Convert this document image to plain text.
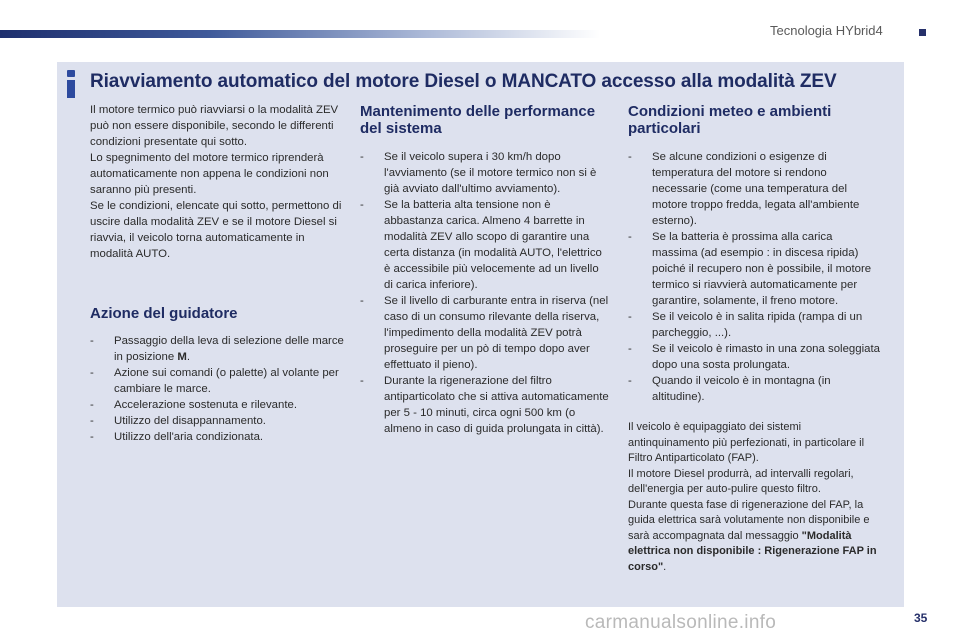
Tecnologia HYbrid4
Riavviamento automatico del motore Diesel o MANCATO accesso alla modalità ZEV

Il motore termico può riavviarsi o la modalità ZEV può non essere disponibile, secondo le differenti condizioni presentate qui sotto.

Lo spegnimento del motore termico riprenderà automaticamente non appena le condizioni non saranno più presenti.

Se le condizioni, elencate qui sotto, permettono di uscire dalla modalità ZEV e se il motore Diesel si riavvia, il veicolo torna automaticamente in modalità AUTO.

Azione del guidatore
- Passaggio della leva di selezione delle marce in posizione M.
- Azione sui comandi (o palette) al volante per cambiare le marce.
- Accelerazione sostenuta e rilevante.
- Utilizzo del disappannamento.
- Utilizzo dell'aria condizionata.
Mantenimento delle performance del sistema
- Se il veicolo supera i 30 km/h dopo l'avviamento (se il motore termico non si è già avviato dall'ultimo avviamento).
- Se la batteria alta tensione non è abbastanza carica. Almeno 4 barrette in modalità ZEV allo scopo di garantire una certa distanza (in modalità AUTO, l'elettrico è accessibile più velocemente ad un livello di carica inferiore).
- Se il livello di carburante entra in riserva (nel caso di un consumo rilevante della riserva, l'impedimento della modalità ZEV potrà proseguire per un pò di tempo dopo aver effettuato il pieno).
- Durante la rigenerazione del filtro antiparticolato che si attiva automaticamente per 5 - 10 minuti, circa ogni 500 km (o almeno in caso di guida prolungata in città).
Condizioni meteo e ambienti particolari
- Se alcune condizioni o esigenze di temperatura del motore si rendono necessarie (come una temperatura del motore troppo fredda, legata all'ambiente esterno).
- Se la batteria è prossima alla carica massima (ad esempio : in discesa ripida) poiché il recupero non è possibile, il motore termico si riavvierà automaticamente per garantire, solamente, il freno motore.
- Se il veicolo è in salita ripida (rampa di un parcheggio, ...).
- Se il veicolo è rimasto in una zona soleggiata dopo una sosta prolungata.
- Quando il veicolo è in montagna (in altitudine).

Il veicolo è equipaggiato dei sistemi antinquinamento più perfezionati, in particolare il Filtro Antiparticolato (FAP).

Il motore Diesel produrrà, ad intervalli regolari, dell'energia per auto-pulire questo filtro.

Durante questa fase di rigenerazione del FAP, la guida elettrica sarà volutamente non disponibile e sarà accompagnata dal messaggio "Modalità elettrica non disponibile : Rigenerazione FAP in corso".

carmanualsonline.info	35
